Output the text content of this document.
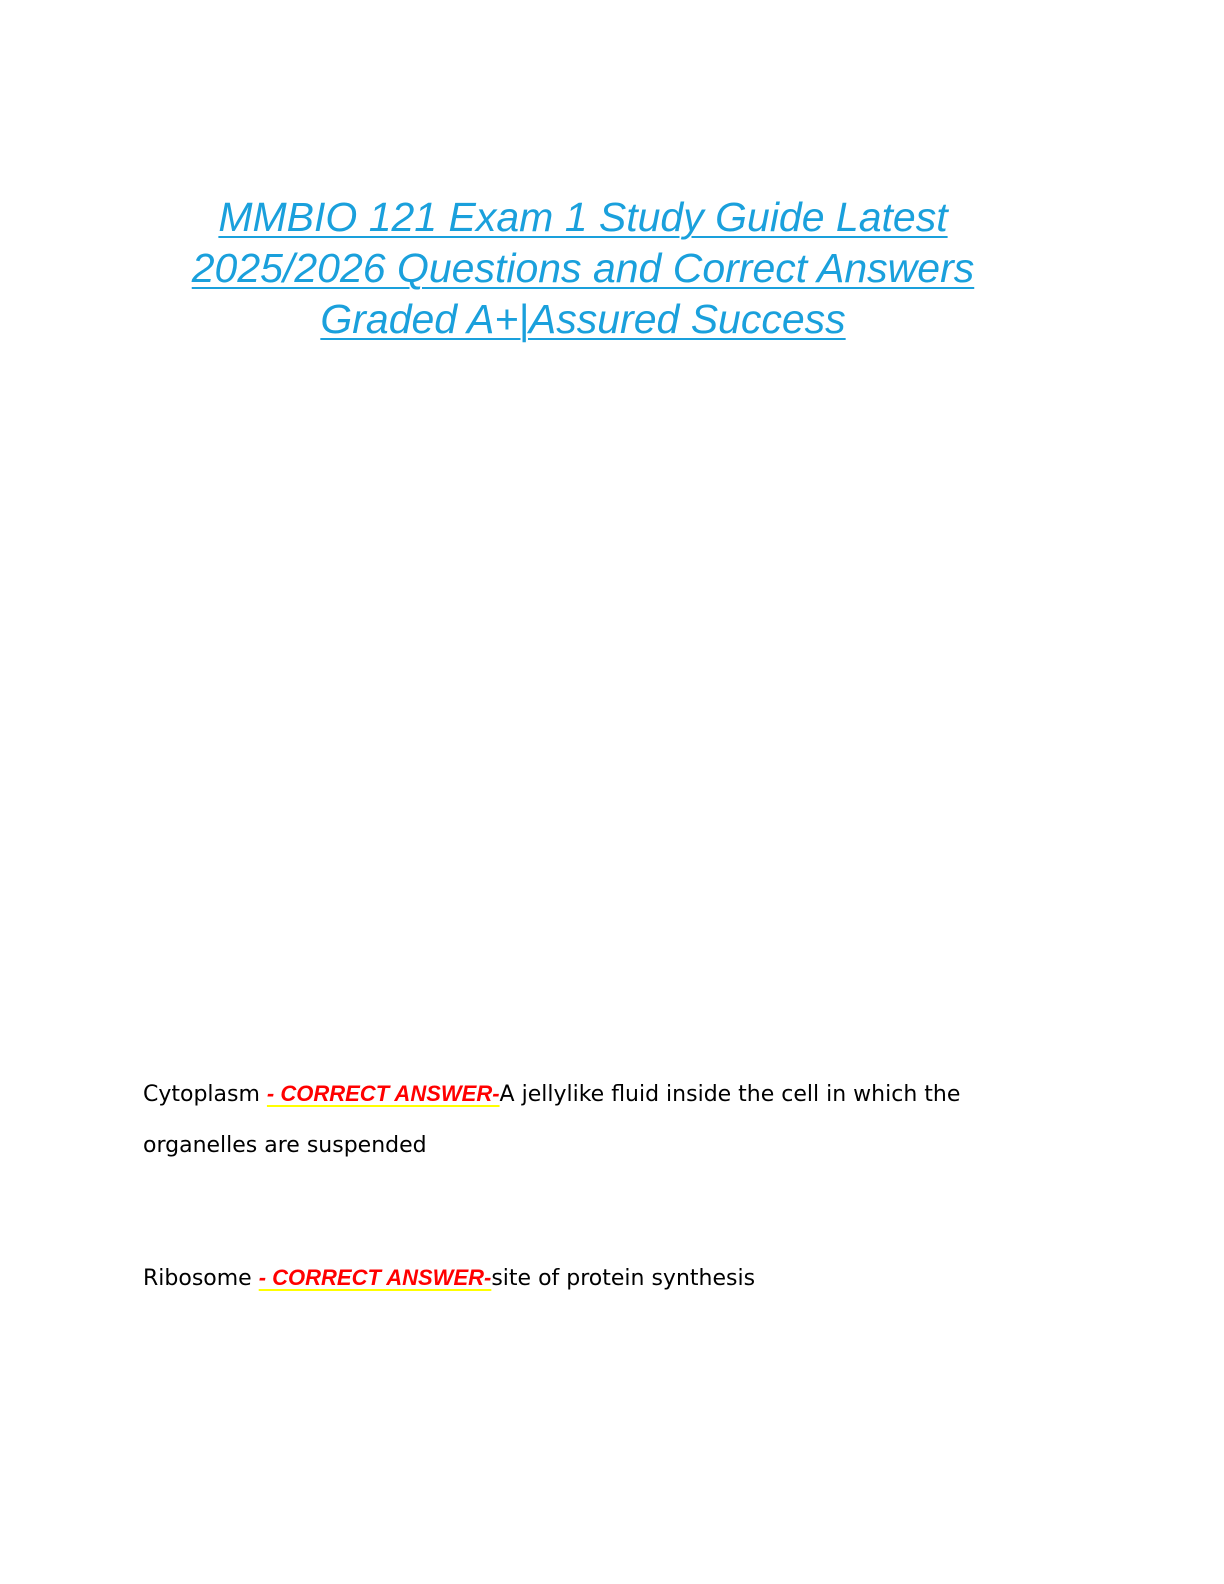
MMBIO 121 Exam 1 Study Guide Latest
2025/2026 Questions and Correct Answers
Graded A+|Assured Success
Cytoplasm - CORRECT ANSWER-A jellylike fluid inside the cell in which the
organelles are suspended
Ribosome - CORRECT ANSWER-site of protein synthesis
